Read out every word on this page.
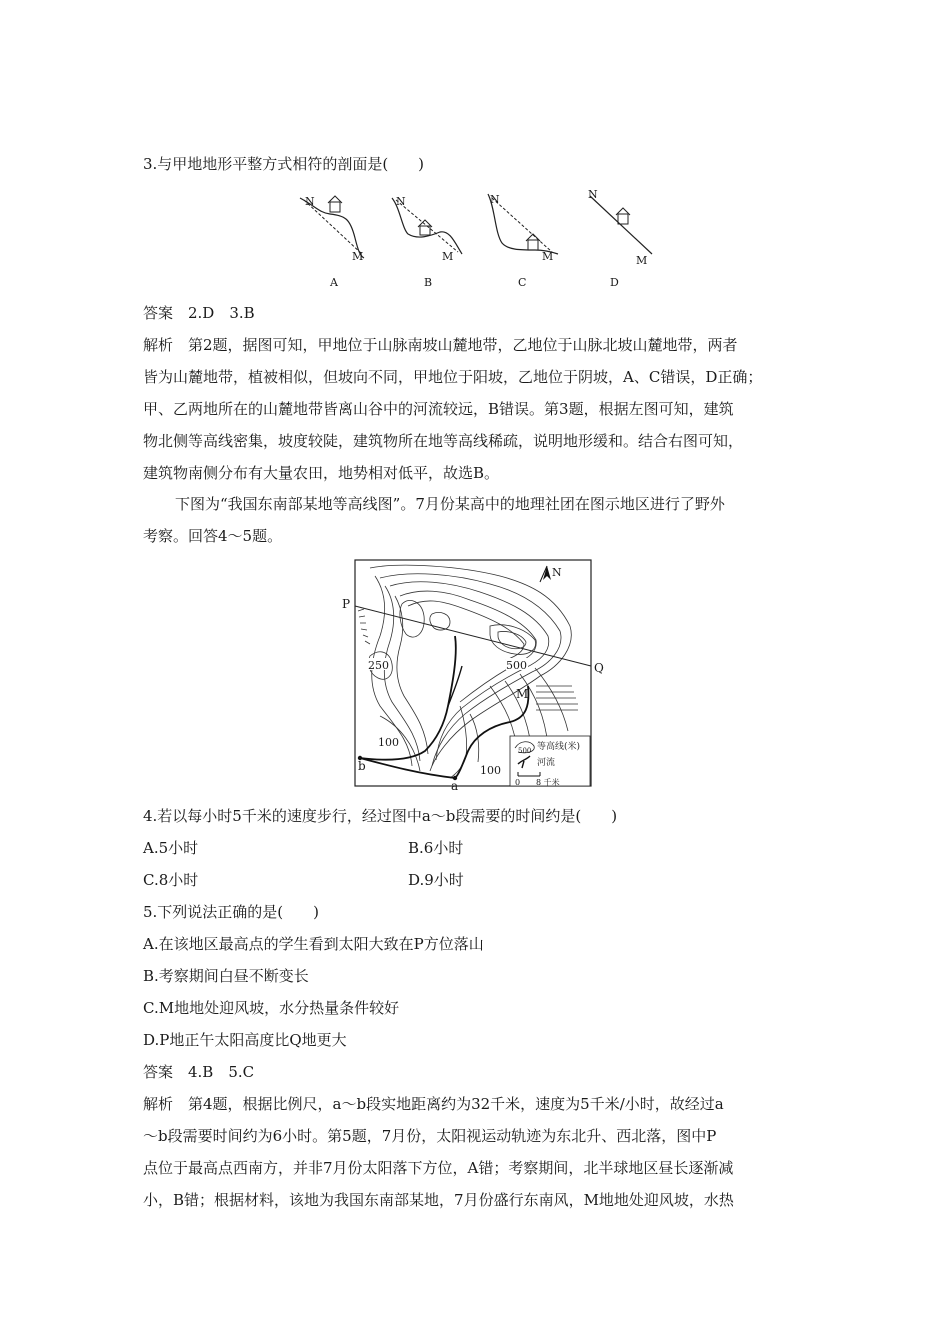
3.与甲地地形平整方式相符的剖面是(　　)
N
M
A
N
M
B
N
M
C
N
M
D
答案　2.D　3.B
解析　第2题，据图可知，甲地位于山脉南坡山麓地带，乙地位于山脉北坡山麓地带，两者
皆为山麓地带，植被相似，但坡向不同，甲地位于阳坡，乙地位于阴坡，A、C错误，D正确；
甲、乙两地所在的山麓地带皆离山谷中的河流较远，B错误。第3题，根据左图可知，建筑
物北侧等高线密集，坡度较陡，建筑物所在地等高线稀疏，说明地形缓和。结合右图可知，
建筑物南侧分布有大量农田，地势相对低平，故选B。
下图为“我国东南部某地等高线图”。7月份某高中的地理社团在图示地区进行了野外
考察。回答4～5题。
N
P
Q
M
a
b
250	500
100
100
500 等高线(米)
河流
0 8 千米
4.若以每小时5千米的速度步行，经过图中a～b段需要的时间约是(　　)
A.5小时	B.6小时
C.8小时	D.9小时
5.下列说法正确的是(　　)
A.在该地区最高点的学生看到太阳大致在P方位落山
B.考察期间白昼不断变长
C.M地地处迎风坡，水分热量条件较好
D.P地正午太阳高度比Q地更大
答案　4.B　5.C
解析　第4题，根据比例尺，a～b段实地距离约为32千米，速度为5千米/小时，故经过a
～b段需要时间约为6小时。第5题，7月份，太阳视运动轨迹为东北升、西北落，图中P
点位于最高点西南方，并非7月份太阳落下方位，A错；考察期间，北半球地区昼长逐渐减
小，B错；根据材料，该地为我国东南部某地，7月份盛行东南风，M地地处迎风坡，水热
